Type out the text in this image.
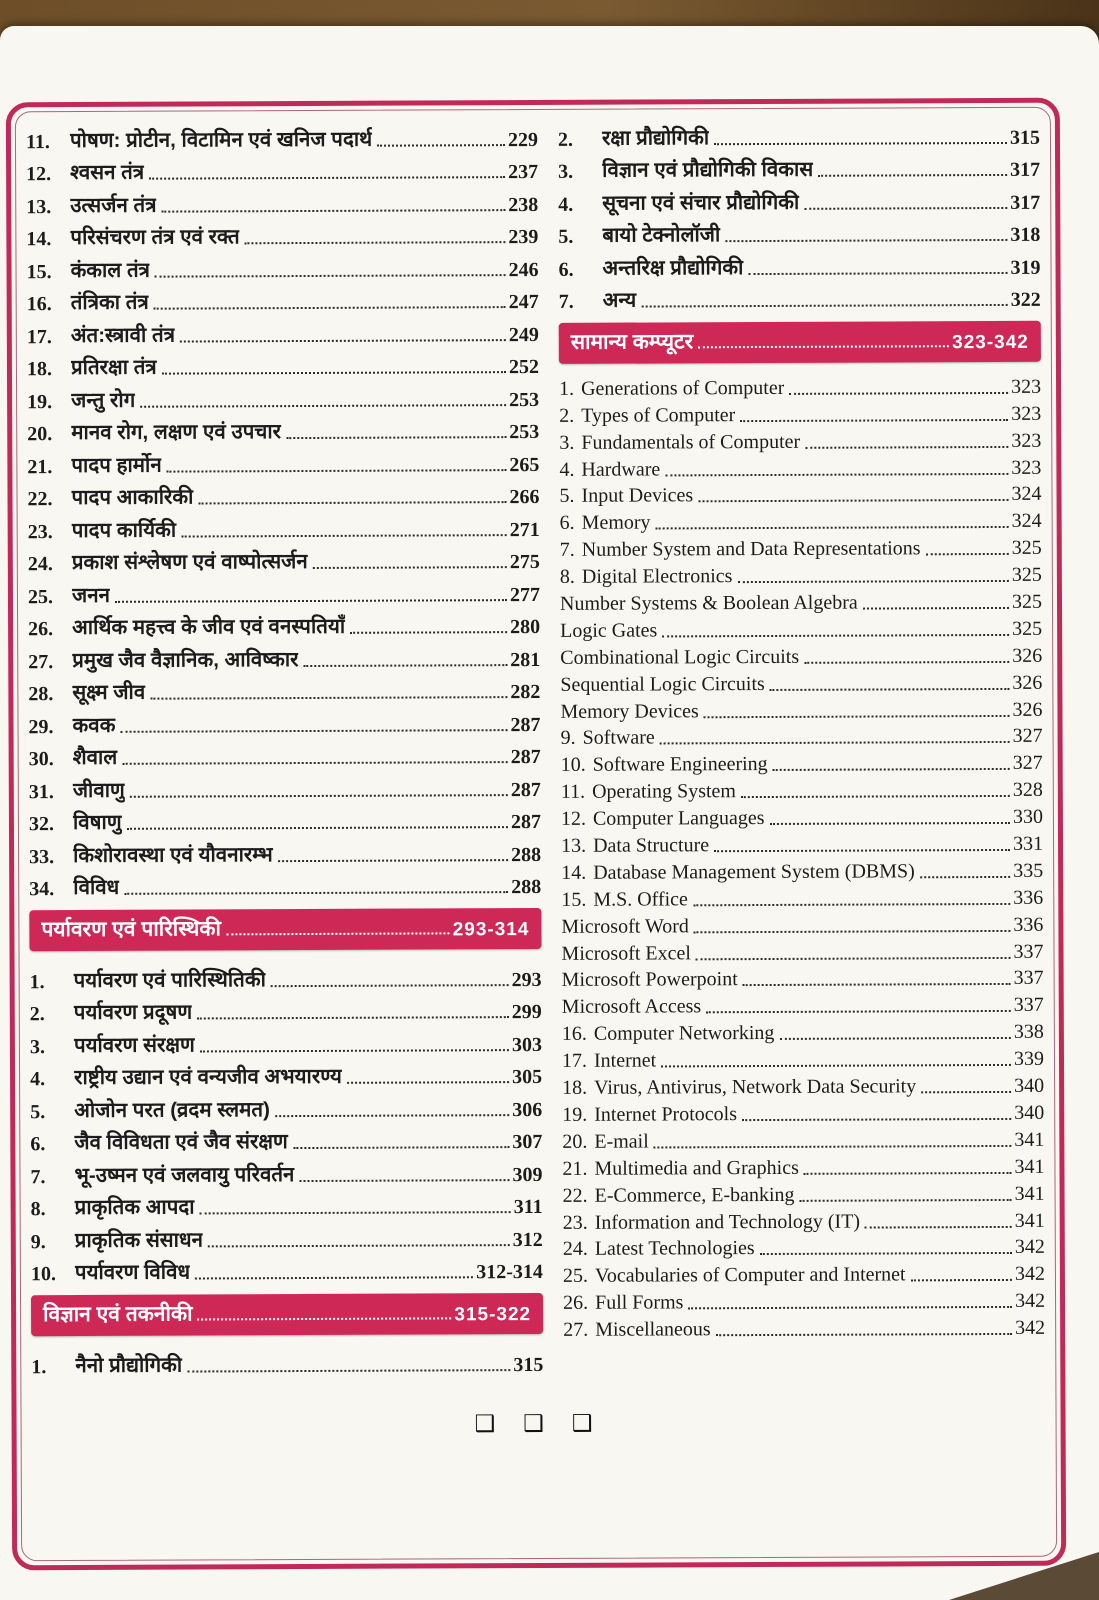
11. पोषण: प्रोटीन, विटामिन एवं खनिज पदार्थ	229
12. श्वसन तंत्र	237
13. उत्सर्जन तंत्र	238
14. परिसंचरण तंत्र एवं रक्त	239
15. कंकाल तंत्र	246
16. तंत्रिका तंत्र	247
17. अंत:स्त्रावी तंत्र	249
18. प्रतिरक्षा तंत्र	252
19. जन्तु रोग	253
20. मानव रोग, लक्षण एवं उपचार	253
21. पादप हार्मोन	265
22. पादप आकारिकी	266
23. पादप कार्यिकी	271
24. प्रकाश संश्लेषण एवं वाष्पोत्सर्जन	275
25. जनन	277
26. आर्थिक महत्त्व के जीव एवं वनस्पतियाँ	280
27. प्रमुख जैव वैज्ञानिक, आविष्कार	281
28. सूक्ष्म जीव	282
29. कवक	287
30. शैवाल	287
31. जीवाणु	287
32. विषाणु	287
33. किशोरावस्था एवं यौवनारम्भ	288
34. विविध	288
पर्यावरण एवं पारिस्थिकी	293-314
1.	पर्यावरण एवं पारिस्थितिकी	293
2.	पर्यावरण प्रदूषण	299
3.	पर्यावरण संरक्षण	303
4.	राष्ट्रीय उद्यान एवं वन्यजीव अभयारण्य	305
5.	ओजोन परत (व्रदम स्लमत)	306
6.	जैव विविधता एवं जैव संरक्षण	307
7.	भू-उष्मन एवं जलवायु परिवर्तन	309
8.	प्राकृतिक आपदा	311
9.	प्राकृतिक संसाधन	312
10. पर्यावरण विविध	312-314
विज्ञान एवं तकनीकी	315-322
1.	नैनो प्रौद्योगिकी	315
2.	रक्षा प्रौद्योगिकी	315
3.	विज्ञान एवं प्रौद्योगिकी विकास	317
4.	सूचना एवं संचार प्रौद्योगिकी	317
5.	बायो टेक्नोलॉजी	318
6.	अन्तरिक्ष प्रौद्योगिकी	319
7.	अन्य	322
सामान्य कम्प्यूटर	323-342
1. Generations of Computer	323
2. Types of Computer	323
3. Fundamentals of Computer	323
4. Hardware	323
5. Input Devices	324
6. Memory	324
7. Number System and Data Representations	325
8. Digital Electronics	325
Number Systems & Boolean Algebra	325
Logic Gates	325
Combinational Logic Circuits	326
Sequential Logic Circuits	326
Memory Devices	326
9. Software	327
10. Software Engineering	327
11. Operating System	328
12. Computer Languages	330
13. Data Structure	331
14. Database Management System (DBMS)	335
15. M.S. Office	336
Microsoft Word	336
Microsoft Excel	337
Microsoft Powerpoint	337
Microsoft Access	337
16. Computer Networking	338
17. Internet	339
18. Virus, Antivirus, Network Data Security	340
19. Internet Protocols	340
20. E-mail	341
21. Multimedia and Graphics	341
22. E-Commerce, E-banking	341
23. Information and Technology (IT)	341
24. Latest Technologies	342
25. Vocabularies of Computer and Internet	342
26. Full Forms	342
27. Miscellaneous	342
❑ ❑ ❑
